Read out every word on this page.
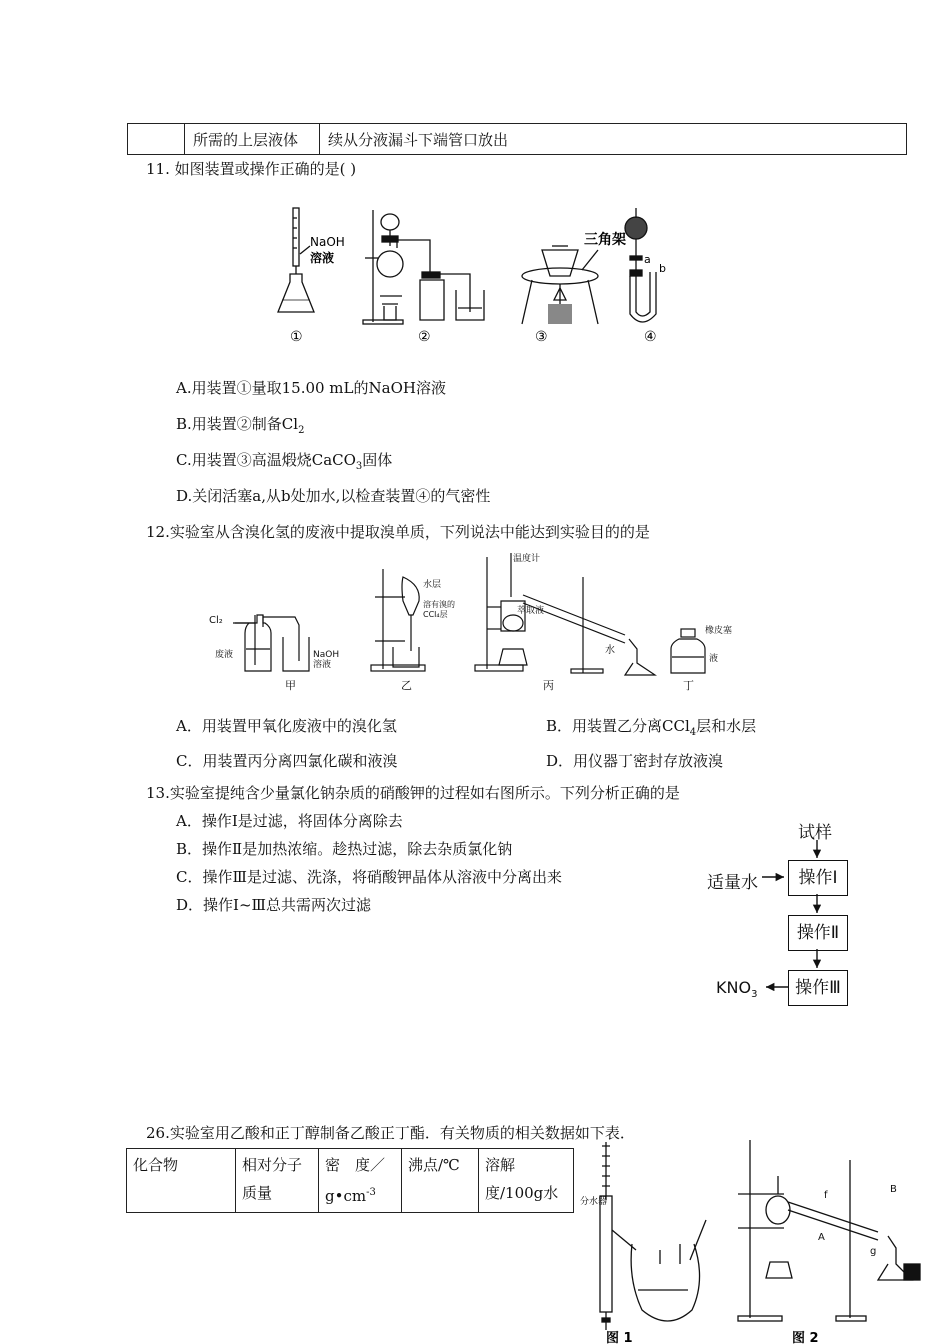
	所需的上层液体	续从分液漏斗下端管口放出
11. 如图装置或操作正确的是( )
NaOH
溶液
三角架
a
b
①	②	③	④
A.用装置①量取15.00 mL的NaOH溶液
B.用装置②制备$Cl_2$
C.用装置③高温煅烧CaCO$_3$固体
D.关闭活塞a,从b处加水,以检查装置④的气密性
12.实验室从含溴化氢的废液中提取溴单质，下列说法中能达到实验目的的是
Cl₂
废液	NaOH
溶液
甲
水层
溶有溴的
CCl₄层
乙
温度计
萃取液
水
丙
橡皮塞
液
丁
A．用装置甲氧化废液中的溴化氢	B．用装置乙分离CCl$_4$层和水层
C．用装置丙分离四氯化碳和液溴	D．用仪器丁密封存放液溴
13.实验室提纯含少量氯化钠杂质的硝酸钾的过程如右图所示。下列分析正确的是
A．操作Ⅰ是过滤，将固体分离除去
B．操作Ⅱ是加热浓缩。趁热过滤，除去杂质氯化钠
C．操作Ⅲ是过滤、洗涤，将硝酸钾晶体从溶液中分离出来
D．操作Ⅰ~Ⅲ总共需两次过滤
试样
适量水	操作Ⅰ
操作Ⅱ
操作Ⅲ
$KNO_3$
26.实验室用乙酸和正丁醇制备乙酸正丁酯．有关物质的相关数据如下表．
化合物	相对分子质量	密　度$/g•cm^{-3}$	沸点/℃	溶解度/100g水 分水器
图 1
f
g
B
A
图 2
